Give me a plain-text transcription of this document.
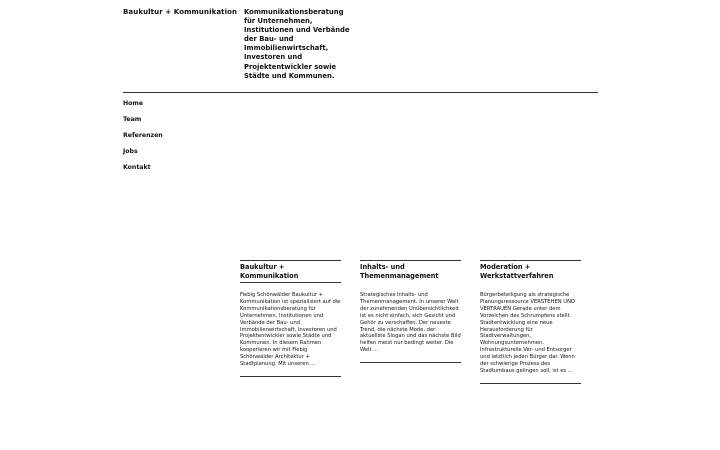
Baukultur + Kommunikation Kommunikationsberatung für Unternehmen, Institutionen und Verbände der Bau- und Immobilienwirtschaft, Investoren und Projektentwickler sowie Städte und Kommunen.
Home
Team
Referenzen
Jobs
Kontakt
Baukultur + Kommunikation

Fiebig Schönwälder Baukultur + Kommunikation ist spezialisiert auf die Kommunikationsberatung für Unternehmen, Institutionen und Verbände der Bau- und Immobilienwirtschaft, Investoren und Projektentwickler sowie Städte und Kommunen. In diesem Rahmen kooperieren wir mit Fiebig Schönwälder Architektur + Stadtplanung. Mit unseren ...

Inhalts- und Themenmanagement

Strategisches Inhalts- und Themenmanagement. In unserer Welt der zunehmenden Unübersichtlichkeit ist es nicht einfach, sich Gesicht und Gehör zu verschaffen. Der neueste Trend, die nächste Mode, der aktuellste Slogan und das nächste Bild helfen meist nur bedingt weiter. Die Welt ...

Moderation + Werkstattverfahren

Bürgerbeteiligung als strategische Planungsressource VERSTEHEN UND VERTRAUEN Gerade unter dem Vorzeichen des Schrumpfens stellt Stadtentwicklung eine neue Herausforderung für Stadtverwaltungen, Wohnungsunternehmen, Infrastrukturelle Ver- und Entsorger und letztlich jeden Bürger dar. Wenn der schwierige Prozess des Stadtumbaus gelingen soll, ist es ...
